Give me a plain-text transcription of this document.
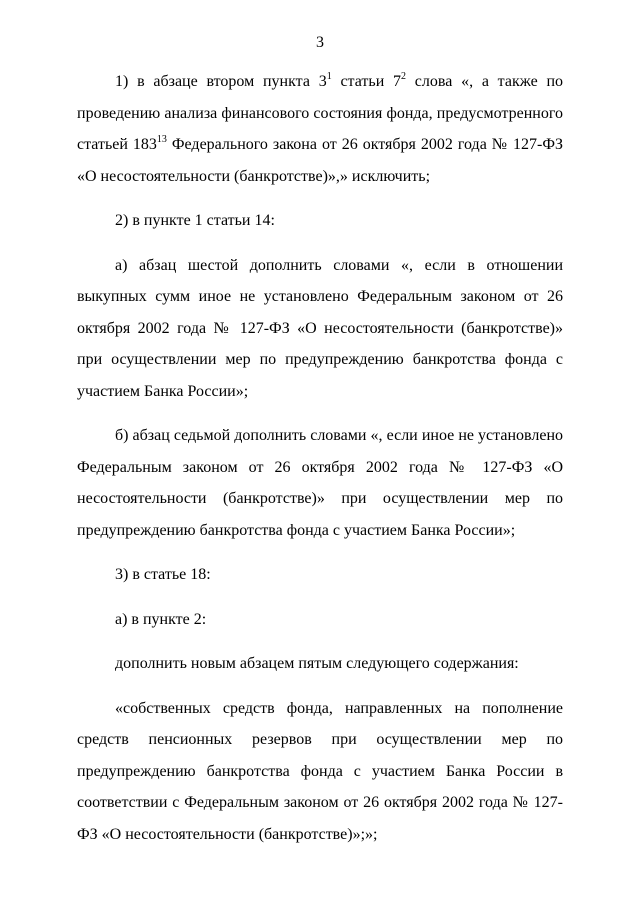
3

1) в абзаце втором пункта $3^1$ статьи $7^2$ слова «, а также по проведению анализа финансового состояния фонда, предусмотренного статьей $183^{13}$ Федерального закона от 26 октября 2002 года № 127-ФЗ «О несостоятельности (банкротстве)»,» исключить;

2) в пункте 1 статьи 14:

а) абзац шестой дополнить словами «, если в отношении выкупных сумм иное не установлено Федеральным законом от 26 октября 2002 года № 127-ФЗ «О несостоятельности (банкротстве)» при осуществлении мер по предупреждению банкротства фонда с участием Банка России»;

б) абзац седьмой дополнить словами «, если иное не установлено Федеральным законом от 26 октября 2002 года № 127-ФЗ «О несостоятельности (банкротстве)» при осуществлении мер по предупреждению банкротства фонда с участием Банка России»;

3) в статье 18:

а) в пункте 2:

дополнить новым абзацем пятым следующего содержания:

«собственных средств фонда, направленных на пополнение средств пенсионных резервов при осуществлении мер по предупреждению банкротства фонда с участием Банка России в соответствии с Федеральным законом от 26 октября 2002 года № 127-ФЗ «О несостоятельности (банкротстве)»;»;
